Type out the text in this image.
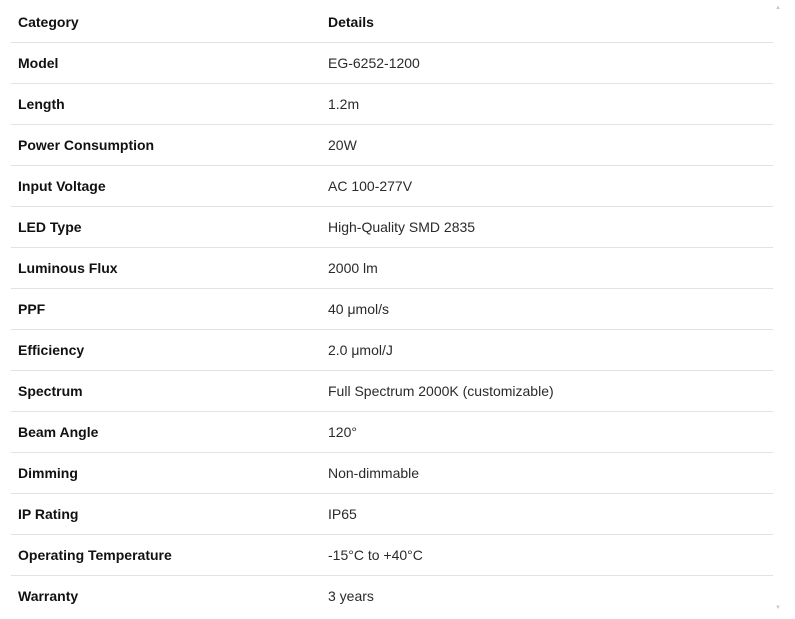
Category	Details
Model	EG-6252-1200
Length	1.2m
Power Consumption	20W
Input Voltage	AC 100-277V
LED Type	High-Quality SMD 2835
Luminous Flux	2000 lm
PPF	40 μmol/s
Efficiency	2.0 μmol/J
Spectrum	Full Spectrum 2000K (customizable)
Beam Angle	120°
Dimming	Non-dimmable
IP Rating	IP65
Operating Temperature	-15°C to +40°C
Warranty	3 years
▲
▼
